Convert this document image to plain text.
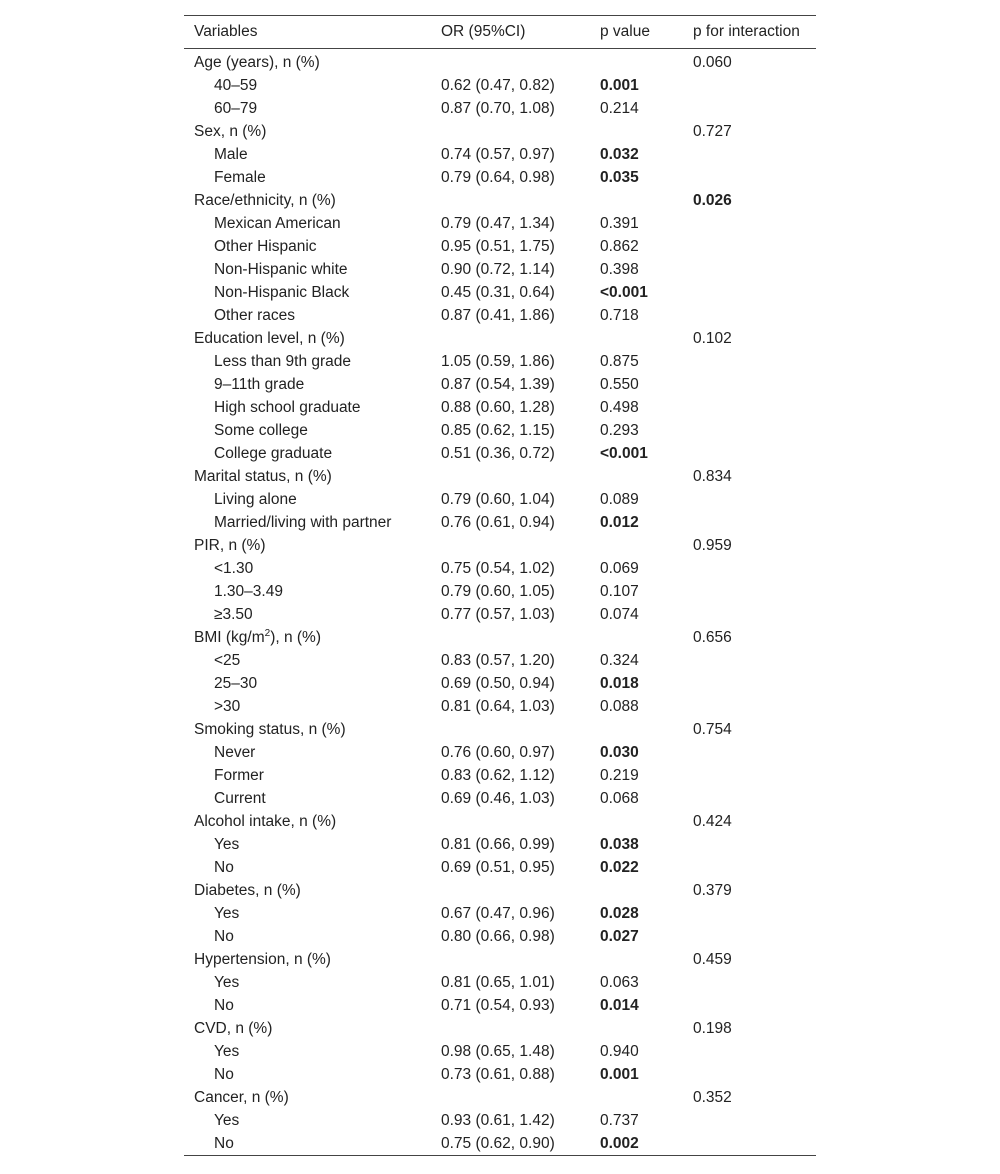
Variables	OR (95%CI)	p value	p for interaction
Age (years), n (%)			0.060
40–59	0.62 (0.47, 0.82)	0.001	
60–79	0.87 (0.70, 1.08)	0.214	
Sex, n (%)			0.727
Male	0.74 (0.57, 0.97)	0.032	
Female	0.79 (0.64, 0.98)	0.035	
Race/ethnicity, n (%)			0.026
Mexican American	0.79 (0.47, 1.34)	0.391	
Other Hispanic	0.95 (0.51, 1.75)	0.862	
Non-Hispanic white	0.90 (0.72, 1.14)	0.398	
Non-Hispanic Black	0.45 (0.31, 0.64)	<0.001	
Other races	0.87 (0.41, 1.86)	0.718	
Education level, n (%)			0.102
Less than 9th grade	1.05 (0.59, 1.86)	0.875	
9–11th grade	0.87 (0.54, 1.39)	0.550	
High school graduate	0.88 (0.60, 1.28)	0.498	
Some college	0.85 (0.62, 1.15)	0.293	
College graduate	0.51 (0.36, 0.72)	<0.001	
Marital status, n (%)			0.834
Living alone	0.79 (0.60, 1.04)	0.089	
Married/living with partner	0.76 (0.61, 0.94)	0.012	
PIR, n (%)			0.959
<1.30	0.75 (0.54, 1.02)	0.069	
1.30–3.49	0.79 (0.60, 1.05)	0.107	
≥3.50	0.77 (0.57, 1.03)	0.074	
BMI $(kg/m^2)$, n (%)			0.656
<25	0.83 (0.57, 1.20)	0.324	
25–30	0.69 (0.50, 0.94)	0.018	
>30	0.81 (0.64, 1.03)	0.088	
Smoking status, n (%)			0.754
Never	0.76 (0.60, 0.97)	0.030	
Former	0.83 (0.62, 1.12)	0.219	
Current	0.69 (0.46, 1.03)	0.068	
Alcohol intake, n (%)			0.424
Yes	0.81 (0.66, 0.99)	0.038	
No	0.69 (0.51, 0.95)	0.022	
Diabetes, n (%)			0.379
Yes	0.67 (0.47, 0.96)	0.028	
No	0.80 (0.66, 0.98)	0.027	
Hypertension, n (%)			0.459
Yes	0.81 (0.65, 1.01)	0.063	
No	0.71 (0.54, 0.93)	0.014	
CVD, n (%)			0.198
Yes	0.98 (0.65, 1.48)	0.940	
No	0.73 (0.61, 0.88)	0.001	
Cancer, n (%)			0.352
Yes	0.93 (0.61, 1.42)	0.737	
No	0.75 (0.62, 0.90)	0.002	
